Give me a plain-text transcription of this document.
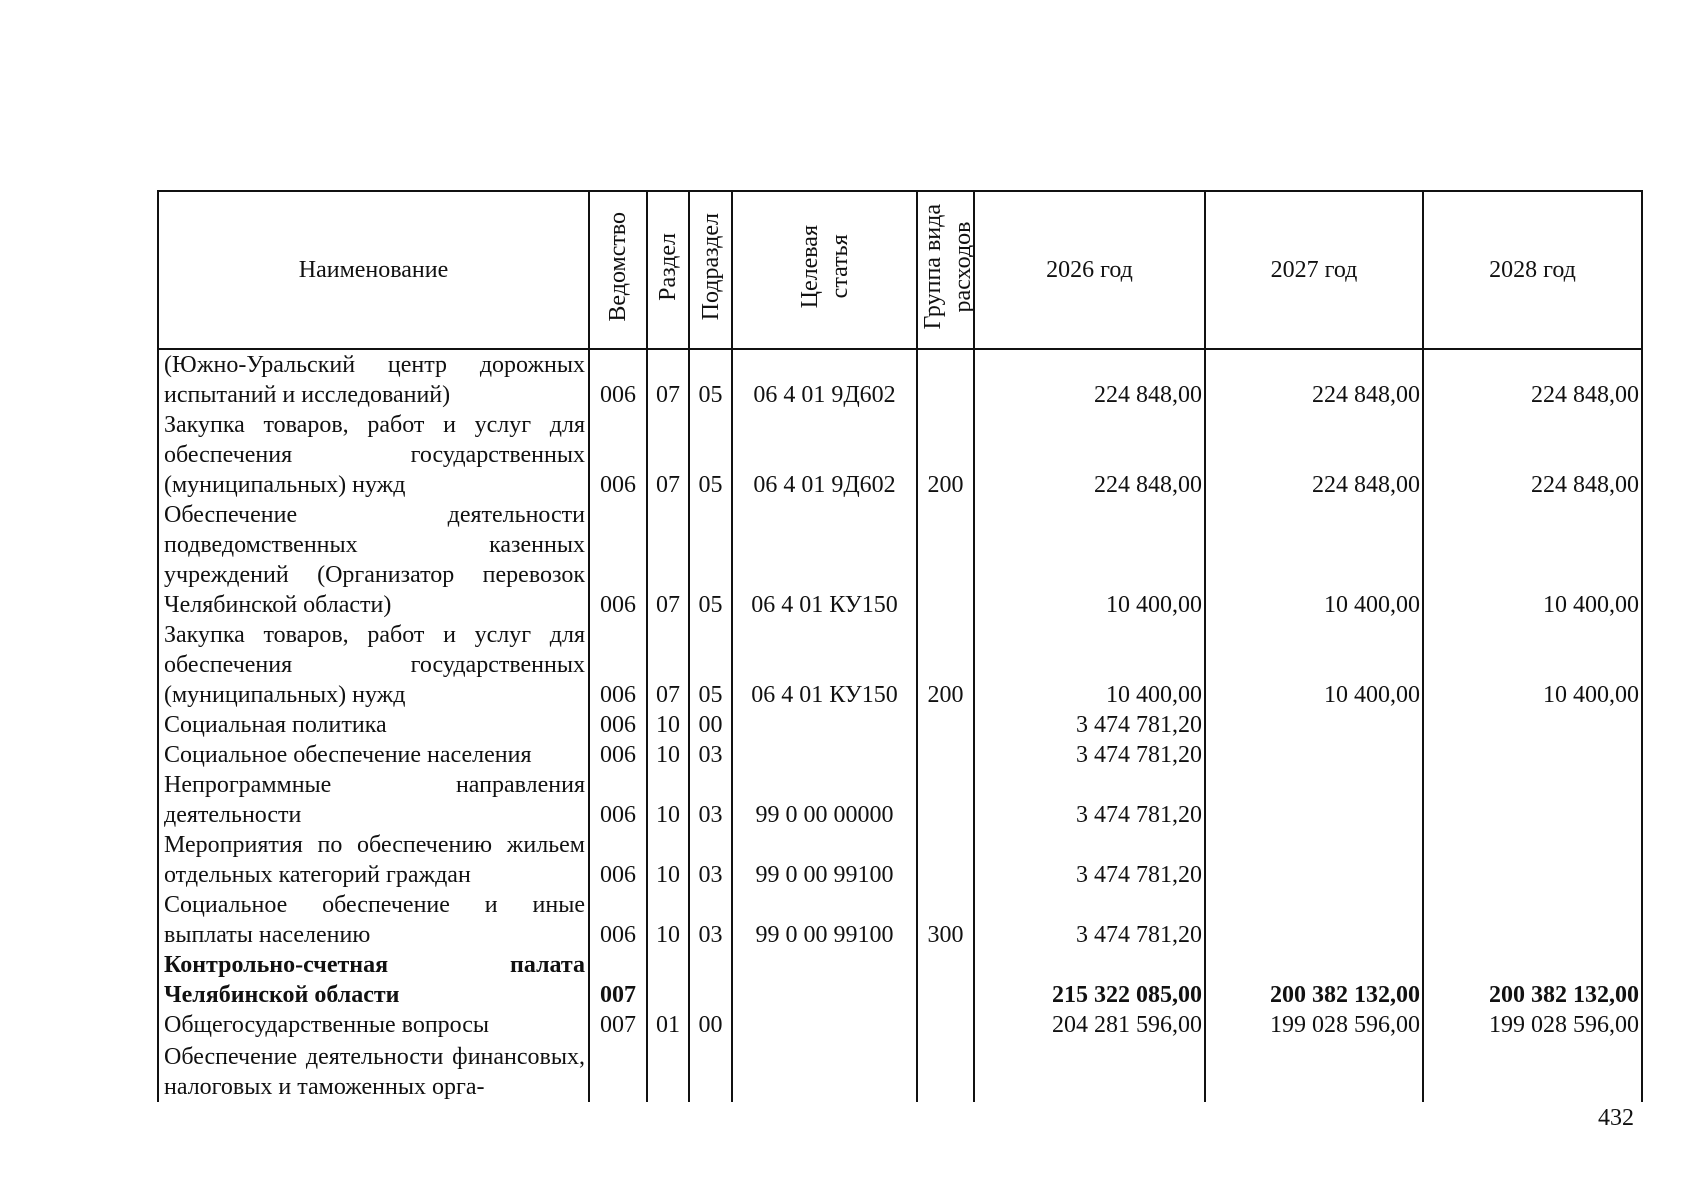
Наименование	Ведомство	Раздел	Подраздел	Целевая статья	Группа вида расходов	2026 год	2027 год	2028 год
(Южно-Уральский центр дорожных испытаний и исследований)	006	07	05	06 4 01 9Д602		224 848,00	224 848,00	224 848,00
Закупка товаров, работ и услуг для обеспечения государственных (муниципальных) нужд	006	07	05	06 4 01 9Д602	200	224 848,00	224 848,00	224 848,00
Обеспечение деятельности подведомственных казенных учреждений (Организатор перевозок Челябинской области)	006	07	05	06 4 01 КУ150		10 400,00	10 400,00	10 400,00
Закупка товаров, работ и услуг для обеспечения государственных (муниципальных) нужд	006	07	05	06 4 01 КУ150	200	10 400,00	10 400,00	10 400,00
Социальная политика	006	10	00			3 474 781,20		
Социальное обеспечение населения	006	10	03			3 474 781,20		
Непрограммные направления деятельности	006	10	03	99 0 00 00000		3 474 781,20		
Мероприятия по обеспечению жильем отдельных категорий граждан	006	10	03	99 0 00 99100		3 474 781,20		
Социальное обеспечение и иные выплаты населению	006	10	03	99 0 00 99100	300	3 474 781,20		
Контрольно-счетная палата Челябинской области	007					215 322 085,00	200 382 132,00	200 382 132,00
Общегосударственные вопросы	007	01	00			204 281 596,00	199 028 596,00	199 028 596,00
Обеспечение деятельности финансовых, налоговых и таможенных орга-								
432
